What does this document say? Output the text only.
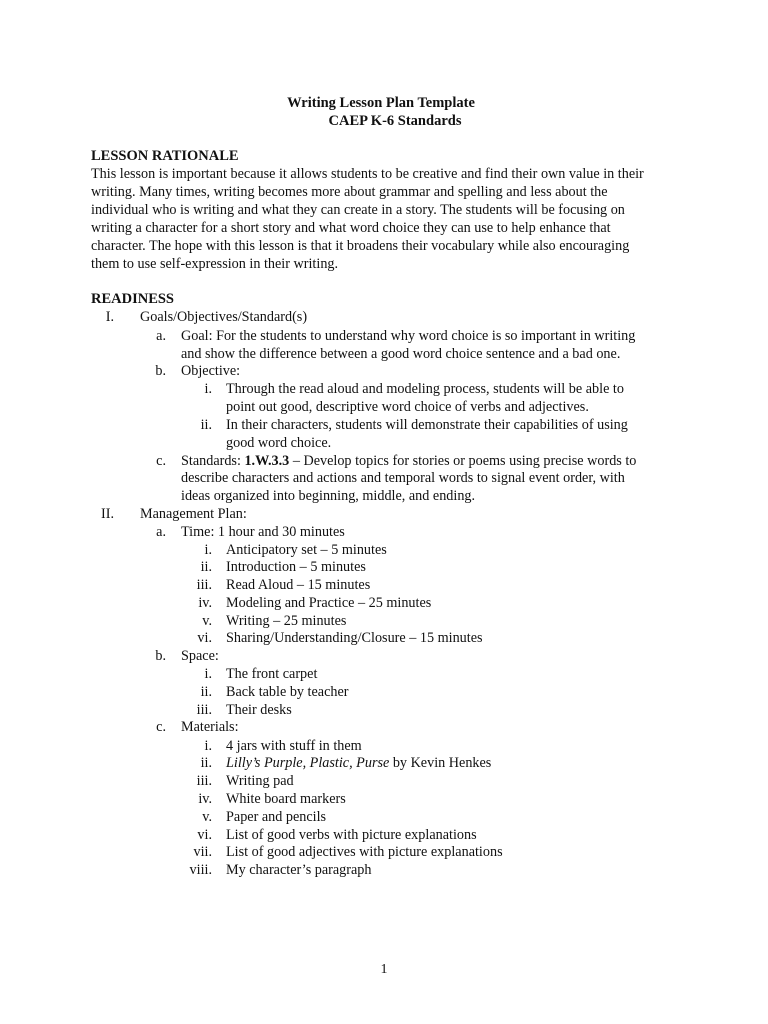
Writing Lesson Plan Template
CAEP K-6 Standards
LESSON RATIONALE
This lesson is important because it allows students to be creative and find their own value in their
writing. Many times, writing becomes more about grammar and spelling and less about the
individual who is writing and what they can create in a story. The students will be focusing on
writing a character for a short story and what word choice they can use to help enhance that
character. The hope with this lesson is that it broadens their vocabulary while also encouraging
them to use self-expression in their writing.
READINESS
I. Goals/Objectives/Standard(s)
a. Goal: For the students to understand why word choice is so important in writing
and show the difference between a good word choice sentence and a bad one.
b. Objective:
i. Through the read aloud and modeling process, students will be able to
point out good, descriptive word choice of verbs and adjectives.
ii. In their characters, students will demonstrate their capabilities of using
good word choice.
c. Standards: 1.W.3.3 – Develop topics for stories or poems using precise words to
describe characters and actions and temporal words to signal event order, with
ideas organized into beginning, middle, and ending.
II. Management Plan:
a. Time: 1 hour and 30 minutes
i. Anticipatory set – 5 minutes
ii. Introduction – 5 minutes
iii. Read Aloud – 15 minutes
iv. Modeling and Practice – 25 minutes
v. Writing – 25 minutes
vi. Sharing/Understanding/Closure – 15 minutes
b. Space:
i. The front carpet
ii. Back table by teacher
iii. Their desks
c. Materials:
i. 4 jars with stuff in them
ii. Lilly’s Purple, Plastic, Purse by Kevin Henkes
iii. Writing pad
iv. White board markers
v. Paper and pencils
vi. List of good verbs with picture explanations
vii. List of good adjectives with picture explanations
viii. My character’s paragraph
1
